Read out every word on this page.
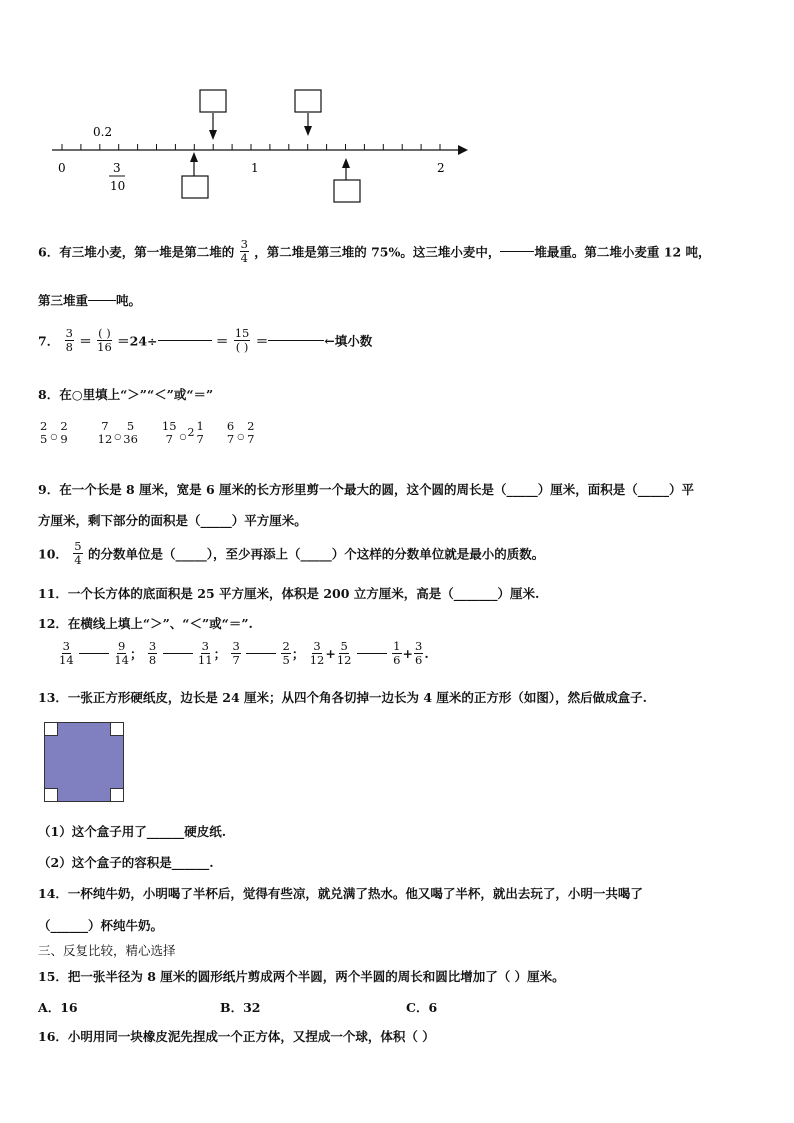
0
0.2
1	2
3
10
6．有三堆小麦，第一堆是第二堆的 $\frac{3}{4}$ ，第二堆是第三堆的 75%。这三堆小麦中，	堆最重。第二堆小麦重 12 吨，
第三堆重 吨。
7． $\frac{3}{8} = \frac{( )}{16} =24\div$	＝ $\frac{15}{( )}$ ＝	←填小数
8．在○里填上“＞”“＜”或“＝”
2
5 $_○$
2
9

7
12 $_○$
5
36

15
7 $_○$2 1
7

6
7 $_○$
2
7
9．在一个长是 8 厘米，宽是 6 厘米的长方形里剪一个最大的圆，这个圆的周长是（_____）厘米，面积是（_____）平
方厘米，剩下部分的面积是（_____）平方厘米。
10． $\frac{5}{4}$ 的分数单位是（_____），至少再添上（_____）个这样的分数单位就是最小的质数。
11．一个长方体的底面积是 25 平方厘米，体积是 200 立方厘米，高是（_______）厘米.
12．在横线上填上“＞”、“＜”或“＝”.
$\frac{3}{14}$
	$\frac{9}{14}$ ； $\frac{3}{8}$
	$\frac{3}{11}$ ； $\frac{3}{7}$
	$\frac{2}{5}$ ； $\frac{3}{12} + \frac{5}{12}$
	$\frac{1}{6} + \frac{3}{6}$ .
13．一张正方形硬纸皮，边长是 24 厘米；从四个角各切掉一边长为 4 厘米的正方形（如图），然后做成盒子.
（1）这个盒子用了______硬皮纸.
（2）这个盒子的容积是______.
14．一杯纯牛奶，小明喝了半杯后，觉得有些凉，就兑满了热水。他又喝了半杯，就出去玩了，小明一共喝了
（______）杯纯牛奶。
三、反复比较，精心选择
15．把一张半径为 8 厘米的圆形纸片剪成两个半圆，两个半圆的周长和圆比增加了（ ）厘米。
A．16	B．32	C．6
16．小明用同一块橡皮泥先捏成一个正方体，又捏成一个球，体积（ ）
